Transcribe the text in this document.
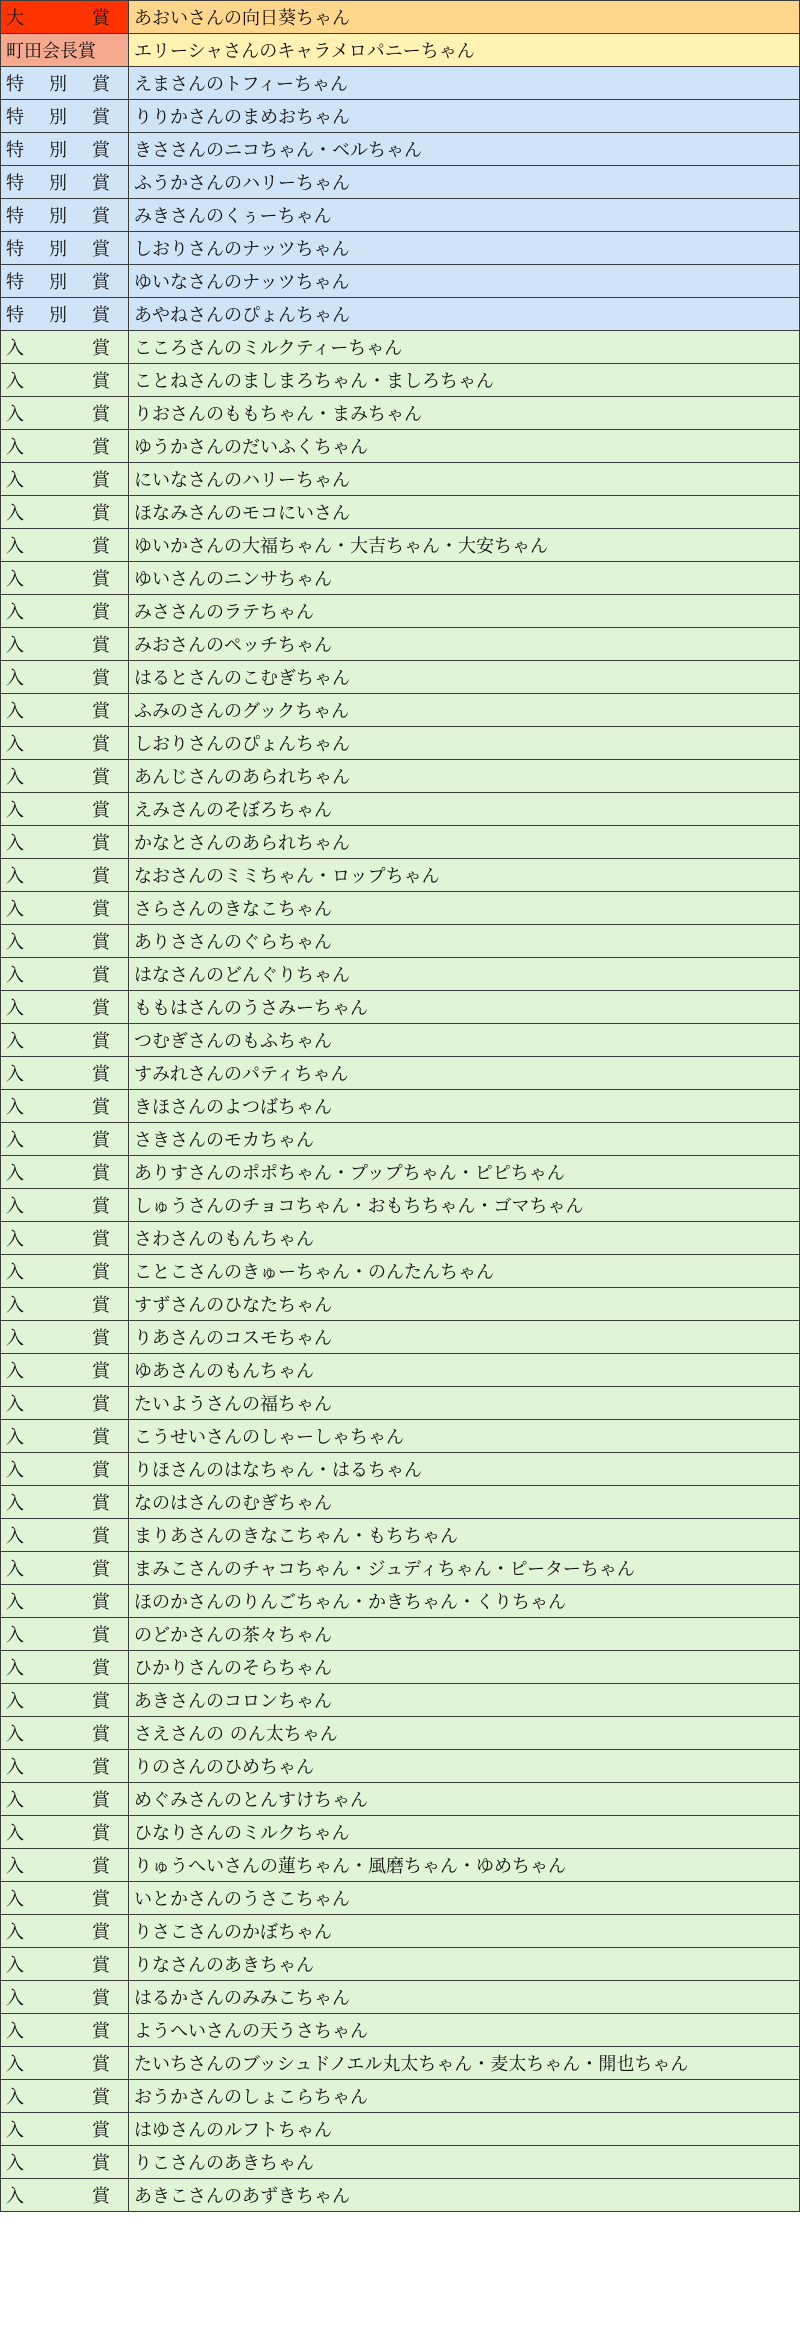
大 賞	あおいさんの向日葵ちゃん

町田会長賞	エリーシャさんのキャラメロパニーちゃん

特 別 賞	えまさんのトフィーちゃん

特 別 賞	りりかさんのまめおちゃん

特 別 賞	きささんのニコちゃん・ベルちゃん

特 別 賞	ふうかさんのハリーちゃん

特 別 賞	みきさんのくぅーちゃん

特 別 賞	しおりさんのナッツちゃん

特 別 賞	ゆいなさんのナッツちゃん

特 別 賞	あやねさんのぴょんちゃん

入 賞	こころさんのミルクティーちゃん

入 賞	ことねさんのましまろちゃん・ましろちゃん

入 賞	りおさんのももちゃん・まみちゃん

入 賞	ゆうかさんのだいふくちゃん

入 賞	にいなさんのハリーちゃん

入 賞	ほなみさんのモコにいさん

入 賞	ゆいかさんの大福ちゃん・大吉ちゃん・大安ちゃん

入 賞	ゆいさんのニンサちゃん

入 賞	みささんのラテちゃん

入 賞	みおさんのペッチちゃん

入 賞	はるとさんのこむぎちゃん

入 賞	ふみのさんのグックちゃん

入 賞	しおりさんのぴょんちゃん

入 賞	あんじさんのあられちゃん

入 賞	えみさんのそぼろちゃん

入 賞	かなとさんのあられちゃん

入 賞	なおさんのミミちゃん・ロップちゃん

入 賞	さらさんのきなこちゃん

入 賞	ありささんのぐらちゃん

入 賞	はなさんのどんぐりちゃん

入 賞	ももはさんのうさみーちゃん

入 賞	つむぎさんのもふちゃん

入 賞	すみれさんのパティちゃん

入 賞	きほさんのよつばちゃん

入 賞	さきさんのモカちゃん

入 賞	ありすさんのポポちゃん・プップちゃん・ピピちゃん

入 賞	しゅうさんのチョコちゃん・おもちちゃん・ゴマちゃん

入 賞	さわさんのもんちゃん

入 賞	ことこさんのきゅーちゃん・のんたんちゃん

入 賞	すずさんのひなたちゃん

入 賞	りあさんのコスモちゃん

入 賞	ゆあさんのもんちゃん

入 賞	たいようさんの福ちゃん

入 賞	こうせいさんのしゃーしゃちゃん

入 賞	りほさんのはなちゃん・はるちゃん

入 賞	なのはさんのむぎちゃん

入 賞	まりあさんのきなこちゃん・もちちゃん

入 賞	まみこさんのチャコちゃん・ジュディちゃん・ピーターちゃん

入 賞	ほのかさんのりんごちゃん・かきちゃん・くりちゃん

入 賞	のどかさんの茶々ちゃん

入 賞	ひかりさんのそらちゃん

入 賞	あきさんのコロンちゃん

入 賞	さえさんの のん太ちゃん

入 賞	りのさんのひめちゃん

入 賞	めぐみさんのとんすけちゃん

入 賞	ひなりさんのミルクちゃん

入 賞	りゅうへいさんの蓮ちゃん・風磨ちゃん・ゆめちゃん

入 賞	いとかさんのうさこちゃん

入 賞	りさこさんのかぼちゃん

入 賞	りなさんのあきちゃん

入 賞	はるかさんのみみこちゃん

入 賞	ようへいさんの天うさちゃん

入 賞	たいちさんのブッシュドノエル丸太ちゃん・麦太ちゃん・開也ちゃん

入 賞	おうかさんのしょこらちゃん

入 賞	はゆさんのルフトちゃん

入 賞	りこさんのあきちゃん

入 賞	あきこさんのあずきちゃん
